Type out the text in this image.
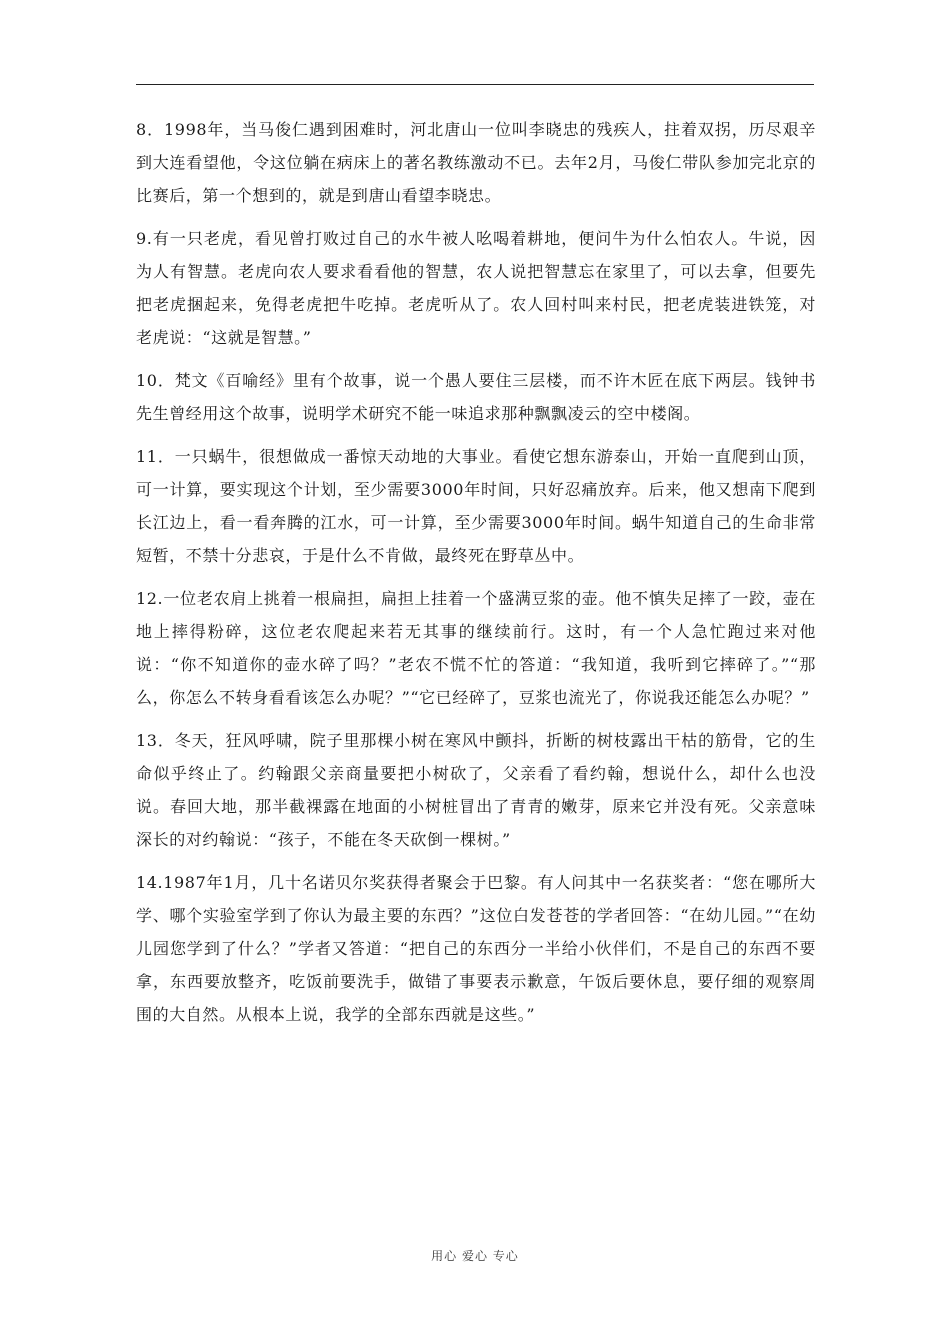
8．1998年，当马俊仁遇到困难时，河北唐山一位叫李晓忠的残疾人，拄着双拐，历尽艰辛到大连看望他，令这位躺在病床上的著名教练激动不已。去年2月，马俊仁带队参加完北京的比赛后，第一个想到的，就是到唐山看望李晓忠。

9.有一只老虎，看见曾打败过自己的水牛被人吆喝着耕地，便问牛为什么怕农人。牛说，因为人有智慧。老虎向农人要求看看他的智慧，农人说把智慧忘在家里了，可以去拿，但要先把老虎捆起来，免得老虎把牛吃掉。老虎听从了。农人回村叫来村民，把老虎装进铁笼，对老虎说：“这就是智慧。”

10．梵文《百喻经》里有个故事，说一个愚人要住三层楼，而不许木匠在底下两层。钱钟书先生曾经用这个故事，说明学术研究不能一味追求那种飘飘凌云的空中楼阁。

11．一只蜗牛，很想做成一番惊天动地的大事业。看使它想东游泰山，开始一直爬到山顶，可一计算，要实现这个计划，至少需要3000年时间，只好忍痛放弃。后来，他又想南下爬到长江边上，看一看奔腾的江水，可一计算，至少需要3000年时间。蜗牛知道自己的生命非常短暂，不禁十分悲哀，于是什么不肯做，最终死在野草丛中。

12.一位老农肩上挑着一根扁担，扁担上挂着一个盛满豆浆的壶。他不慎失足摔了一跤，壶在地上摔得粉碎，这位老农爬起来若无其事的继续前行。这时，有一个人急忙跑过来对他说：“你不知道你的壶水碎了吗？”老农不慌不忙的答道：“我知道，我听到它摔碎了。”“那么，你怎么不转身看看该怎么办呢？”“它已经碎了，豆浆也流光了，你说我还能怎么办呢？”

13．冬天，狂风呼啸，院子里那棵小树在寒风中颤抖，折断的树枝露出干枯的筋骨，它的生命似乎终止了。约翰跟父亲商量要把小树砍了，父亲看了看约翰，想说什么，却什么也没说。春回大地，那半截裸露在地面的小树桩冒出了青青的嫩芽，原来它并没有死。父亲意味深长的对约翰说：“孩子，不能在冬天砍倒一棵树。”

14.1987年1月，几十名诺贝尔奖获得者聚会于巴黎。有人问其中一名获奖者：“您在哪所大学、哪个实验室学到了你认为最主要的东西？”这位白发苍苍的学者回答：“在幼儿园。”“在幼儿园您学到了什么？”学者又答道：“把自己的东西分一半给小伙伴们，不是自己的东西不要拿，东西要放整齐，吃饭前要洗手，做错了事要表示歉意，午饭后要休息，要仔细的观察周围的大自然。从根本上说，我学的全部东西就是这些。”

用心 爱心 专心
